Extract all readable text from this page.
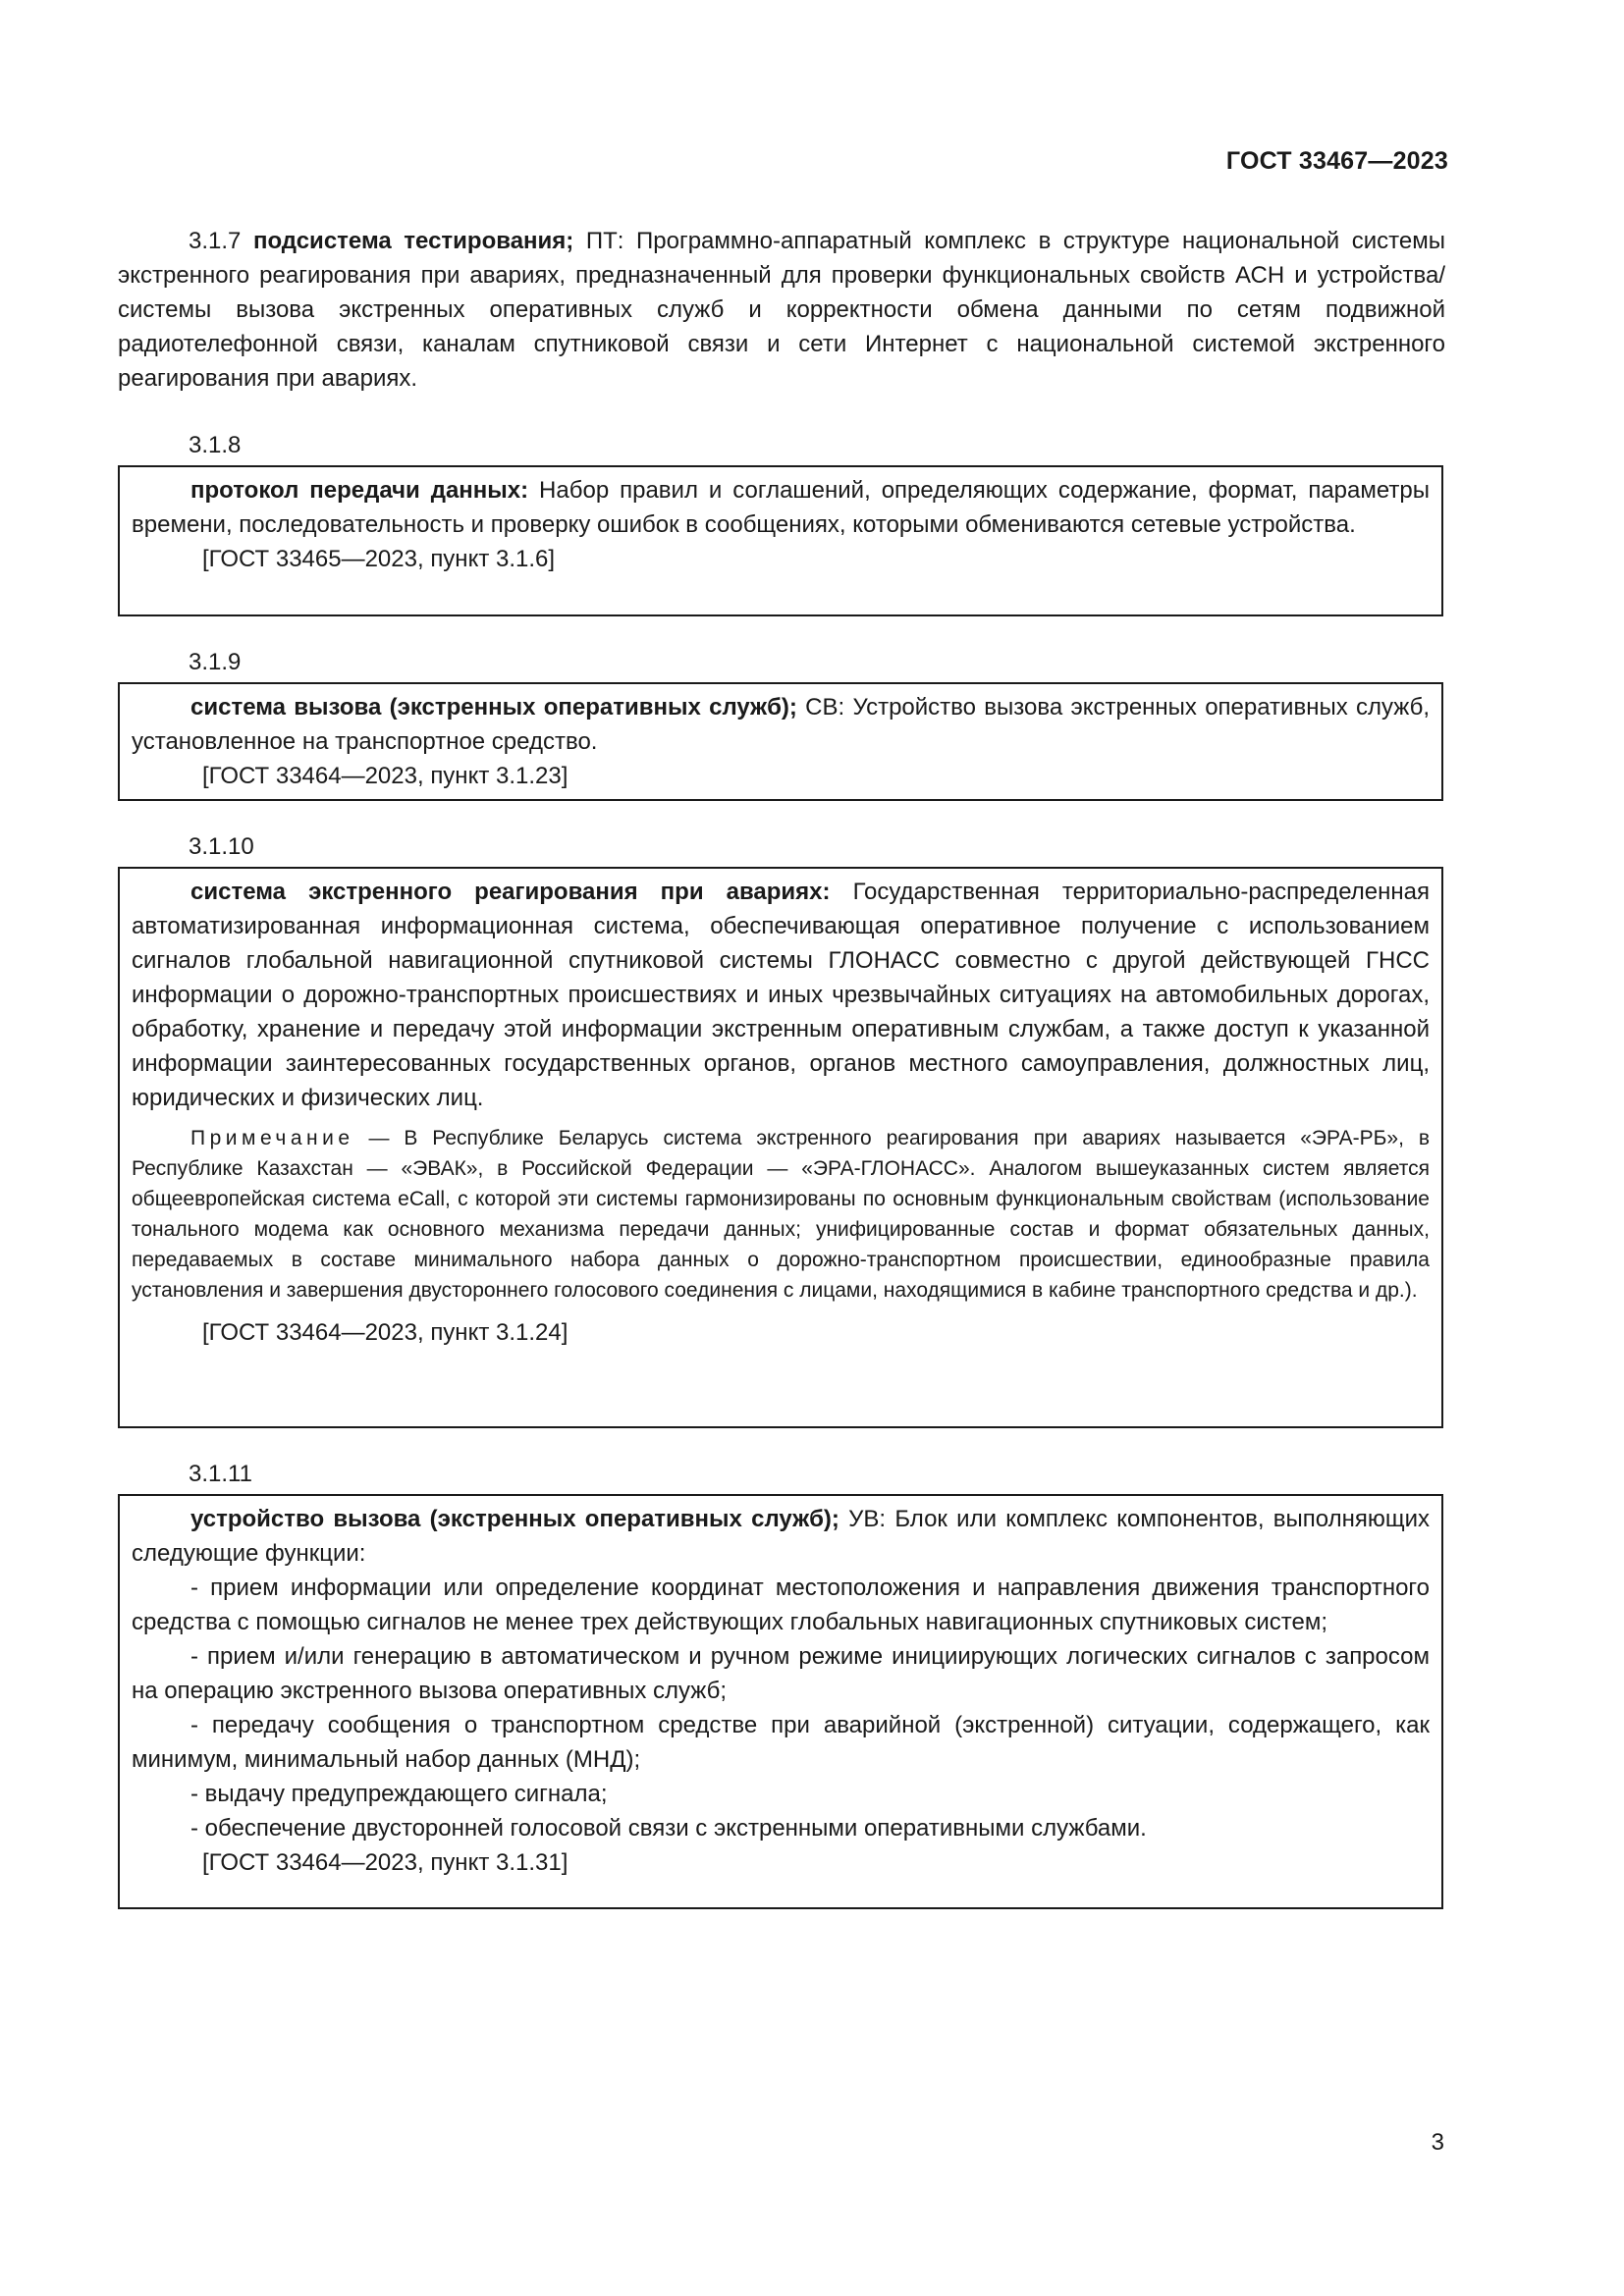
ГОСТ 33467—2023

3.1.7 подсистема тестирования; ПТ: Программно-аппаратный комплекс в структуре национальной системы экстренного реагирования при авариях, предназначенный для проверки функциональных свойств АСН и устройства/системы вызова экстренных оперативных служб и корректности обмена данными по сетям подвижной радиотелефонной связи, каналам спутниковой связи и сети Интернет с национальной системой экстренного реагирования при авариях.

3.1.8

протокол передачи данных: Набор правил и соглашений, определяющих содержание, формат, параметры времени, последовательность и проверку ошибок в сообщениях, которыми обмениваются сетевые устройства.

[ГОСТ 33465—2023, пункт 3.1.6]

3.1.9

система вызова (экстренных оперативных служб); СВ: Устройство вызова экстренных оперативных служб, установленное на транспортное средство.

[ГОСТ 33464—2023, пункт 3.1.23]

3.1.10

система экстренного реагирования при авариях: Государственная территориально-распределенная автоматизированная информационная система, обеспечивающая оперативное получение с использованием сигналов глобальной навигационной спутниковой системы ГЛОНАСС совместно с другой действующей ГНСС информации о дорожно-транспортных происшествиях и иных чрезвычайных ситуациях на автомобильных дорогах, обработку, хранение и передачу этой информации экстренным оперативным службам, а также доступ к указанной информации заинтересованных государственных органов, органов местного самоуправления, должностных лиц, юридических и физических лиц.

Примечание — В Республике Беларусь система экстренного реагирования при авариях называется «ЭРА-РБ», в Республике Казахстан — «ЭВАК», в Российской Федерации — «ЭРА-ГЛОНАСС». Аналогом вышеуказанных систем является общеевропейская система eCall, с которой эти системы гармонизированы по основным функциональным свойствам (использование тонального модема как основного механизма передачи данных; унифицированные состав и формат обязательных данных, передаваемых в составе минимального набора данных о дорожно-транспортном происшествии, единообразные правила установления и завершения двустороннего голосового соединения с лицами, находящимися в кабине транспортного средства и др.).

[ГОСТ 33464—2023, пункт 3.1.24]

3.1.11

устройство вызова (экстренных оперативных служб); УВ: Блок или комплекс компонентов, выполняющих следующие функции:

- прием информации или определение координат местоположения и направления движения транспортного средства с помощью сигналов не менее трех действующих глобальных навигационных спутниковых систем;

- прием и/или генерацию в автоматическом и ручном режиме инициирующих логических сигналов с запросом на операцию экстренного вызова оперативных служб;

- передачу сообщения о транспортном средстве при аварийной (экстренной) ситуации, содержащего, как минимум, минимальный набор данных (МНД);

- выдачу предупреждающего сигнала;

- обеспечение двусторонней голосовой связи с экстренными оперативными службами.

[ГОСТ 33464—2023, пункт 3.1.31]

3
